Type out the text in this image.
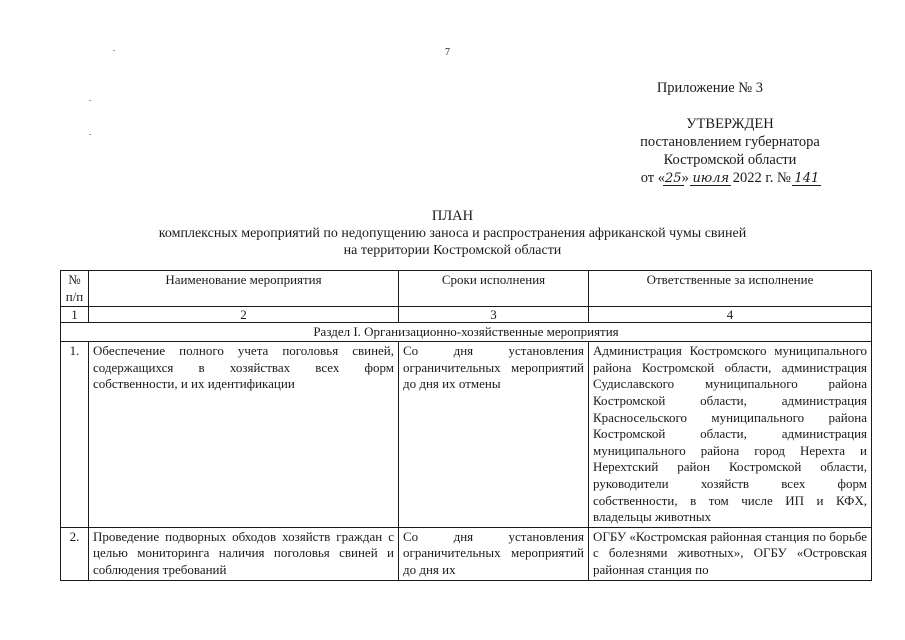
7
Приложение № 3
УТВЕРЖДЕН
постановлением губернатора
Костромской области
от «25» июля 2022 г. № 141
ПЛАН
комплексных мероприятий по недопущению заноса и распространения африканской чумы свиней
на территории Костромской области
№ п/п	Наименование мероприятия	Сроки исполнения	Ответственные за исполнение
1	2	3	4
Раздел I. Организационно-хозяйственные мероприятия			
1.	Обеспечение полного учета поголовья свиней, содержащихся в хозяйствах всех форм собственности, и их идентификации	Со дня установления ограничительных мероприятий до дня их отмены	Администрация Костромского муниципального района Костромской области, администрация Судиславского муниципального района Костромской области, администрация Красносельского муниципального района Костромской области, администрация муниципального района город Нерехта и Нерехтский район Костромской области, руководители хозяйств всех форм собственности, в том числе ИП и КФХ, владельцы животных
2.	Проведение подворных обходов хозяйств граждан с целью мониторинга наличия поголовья свиней и соблюдения требований	Со дня установления ограничительных мероприятий до дня их	ОГБУ «Костромская районная станция по борьбе с болезнями животных», ОГБУ «Островская районная станция по
